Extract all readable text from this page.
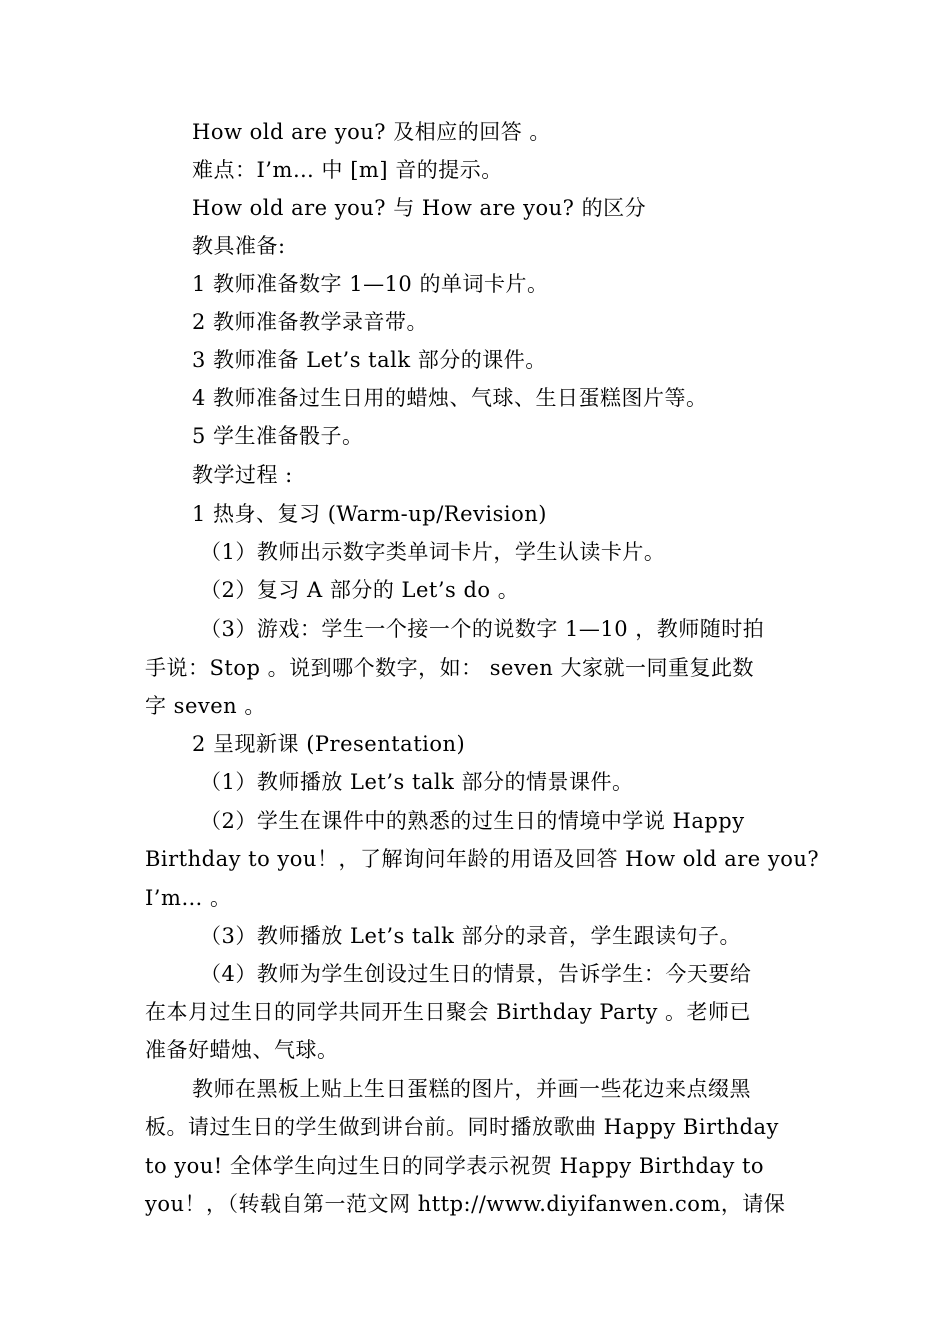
How old are you? 及相应的回答 。
难点：I’m… 中 [m] 音的提示。
How old are you? 与 How are you? 的区分
教具准备:
1 教师准备数字 1—10 的单词卡片。
2 教师准备教学录音带。
3 教师准备 Let’s talk 部分的课件。
4 教师准备过生日用的蜡烛、气球、生日蛋糕图片等。
5 学生准备骰子。
教学过程 :
1 热身、复习 (Warm-up/Revision)
（1）教师出示数字类单词卡片，学生认读卡片。
（2）复习 A 部分的 Let’s do 。
（3）游戏：学生一个接一个的说数字 1—10 ，教师随时拍
手说：Stop 。说到哪个数字，如： seven 大家就一同重复此数
字 seven 。
2 呈现新课 (Presentation)
（1）教师播放 Let’s talk 部分的情景课件。
（2）学生在课件中的熟悉的过生日的情境中学说 Happy
Birthday to you！，了解询问年龄的用语及回答 How old are you?
I’m… 。
（3）教师播放 Let’s talk 部分的录音，学生跟读句子。
（4）教师为学生创设过生日的情景，告诉学生：今天要给
在本月过生日的同学共同开生日聚会 Birthday Party 。老师已
准备好蜡烛、气球。
教师在黑板上贴上生日蛋糕的图片，并画一些花边来点缀黑
板。请过生日的学生做到讲台前。同时播放歌曲 Happy Birthday
to you! 全体学生向过生日的同学表示祝贺 Happy Birthday to
you！，（转载自第一范文网 http://www.diyifanwen.com，请保
